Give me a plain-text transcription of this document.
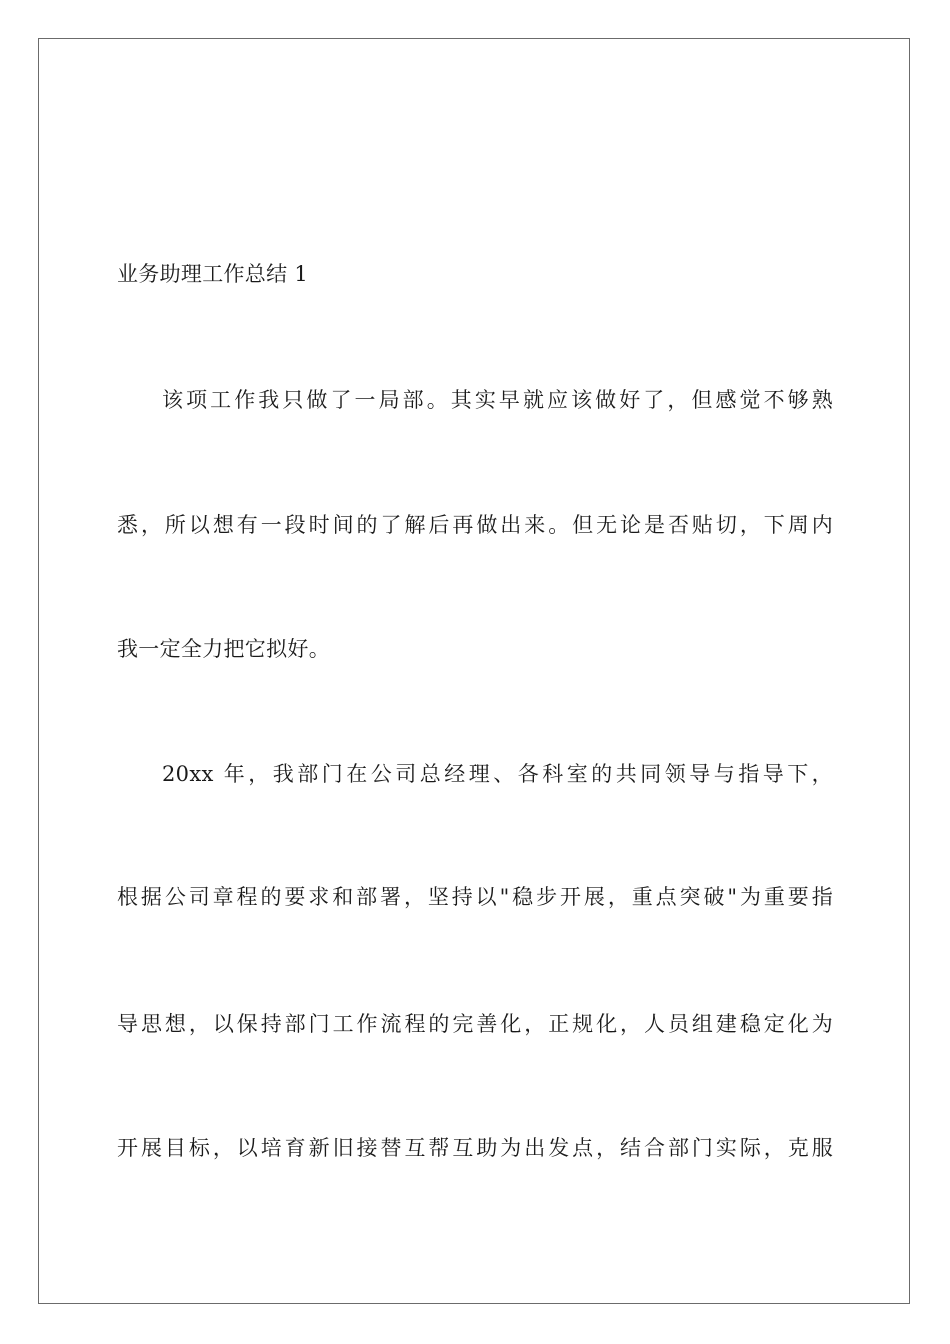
业务助理工作总结 1
该项工作我只做了一局部。其实早就应该做好了，但感觉不够熟
悉，所以想有一段时间的了解后再做出来。但无论是否贴切，下周内
我一定全力把它拟好。
20xx 年，我部门在公司总经理、各科室的共同领导与指导下，
根据公司章程的要求和部署，坚持以"稳步开展，重点突破"为重要指
导思想，以保持部门工作流程的完善化，正规化，人员组建稳定化为
开展目标，以培育新旧接替互帮互助为出发点，结合部门实际，克服
